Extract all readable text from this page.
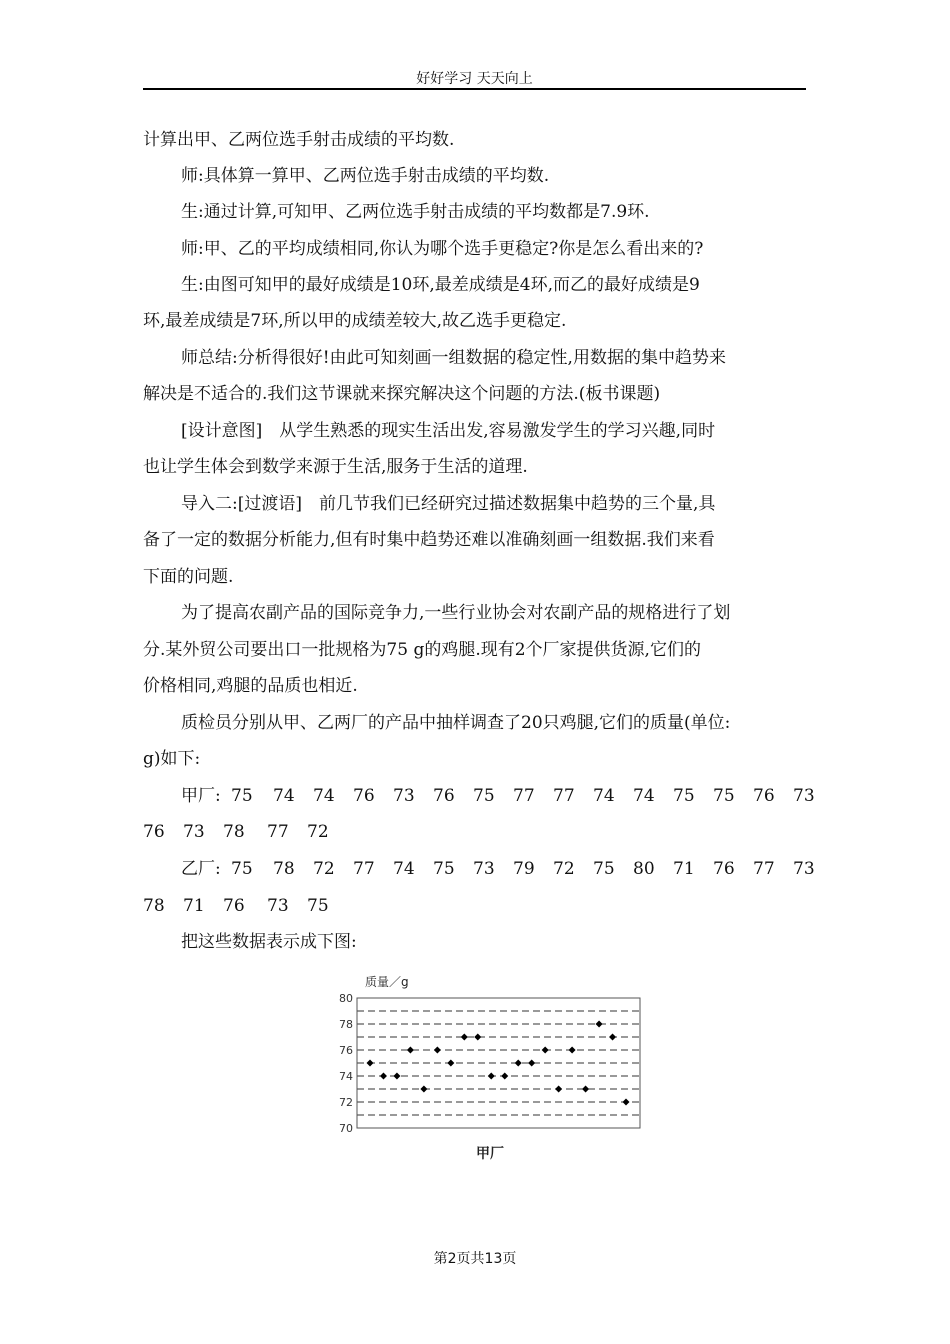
好好学习 天天向上
计算出甲、乙两位选手射击成绩的平均数.
师:具体算一算甲、乙两位选手射击成绩的平均数.
生:通过计算,可知甲、乙两位选手射击成绩的平均数都是7.9环.
师:甲、乙的平均成绩相同,你认为哪个选手更稳定?你是怎么看出来的?
生:由图可知甲的最好成绩是10环,最差成绩是4环,而乙的最好成绩是9
环,最差成绩是7环,所以甲的成绩差较大,故乙选手更稳定.
师总结:分析得很好!由此可知刻画一组数据的稳定性,用数据的集中趋势来
解决是不适合的.我们这节课就来探究解决这个问题的方法.(板书课题)
[设计意图]　从学生熟悉的现实生活出发,容易激发学生的学习兴趣,同时
也让学生体会到数学来源于生活,服务于生活的道理.
导入二:[过渡语]　前几节我们已经研究过描述数据集中趋势的三个量,具
备了一定的数据分析能力,但有时集中趋势还难以准确刻画一组数据.我们来看
下面的问题.
为了提高农副产品的国际竞争力,一些行业协会对农副产品的规格进行了划
分.某外贸公司要出口一批规格为75 g的鸡腿.现有2个厂家提供货源,它们的
价格相同,鸡腿的品质也相近.
质检员分别从甲、乙两厂的产品中抽样调查了20只鸡腿,它们的质量(单位:
g)如下:
甲厂: 75 74 74 76 73 76 75 77 77 74 74 75 75 76 73
76 73 78 77 72
乙厂: 75 78 72 77 74 75 73 79 72 75 80 71 76 77 73
78 71 76 73 75
把这些数据表示成下图:
70
72
74
76
78
80
质量／g
甲厂
第2页共13页
